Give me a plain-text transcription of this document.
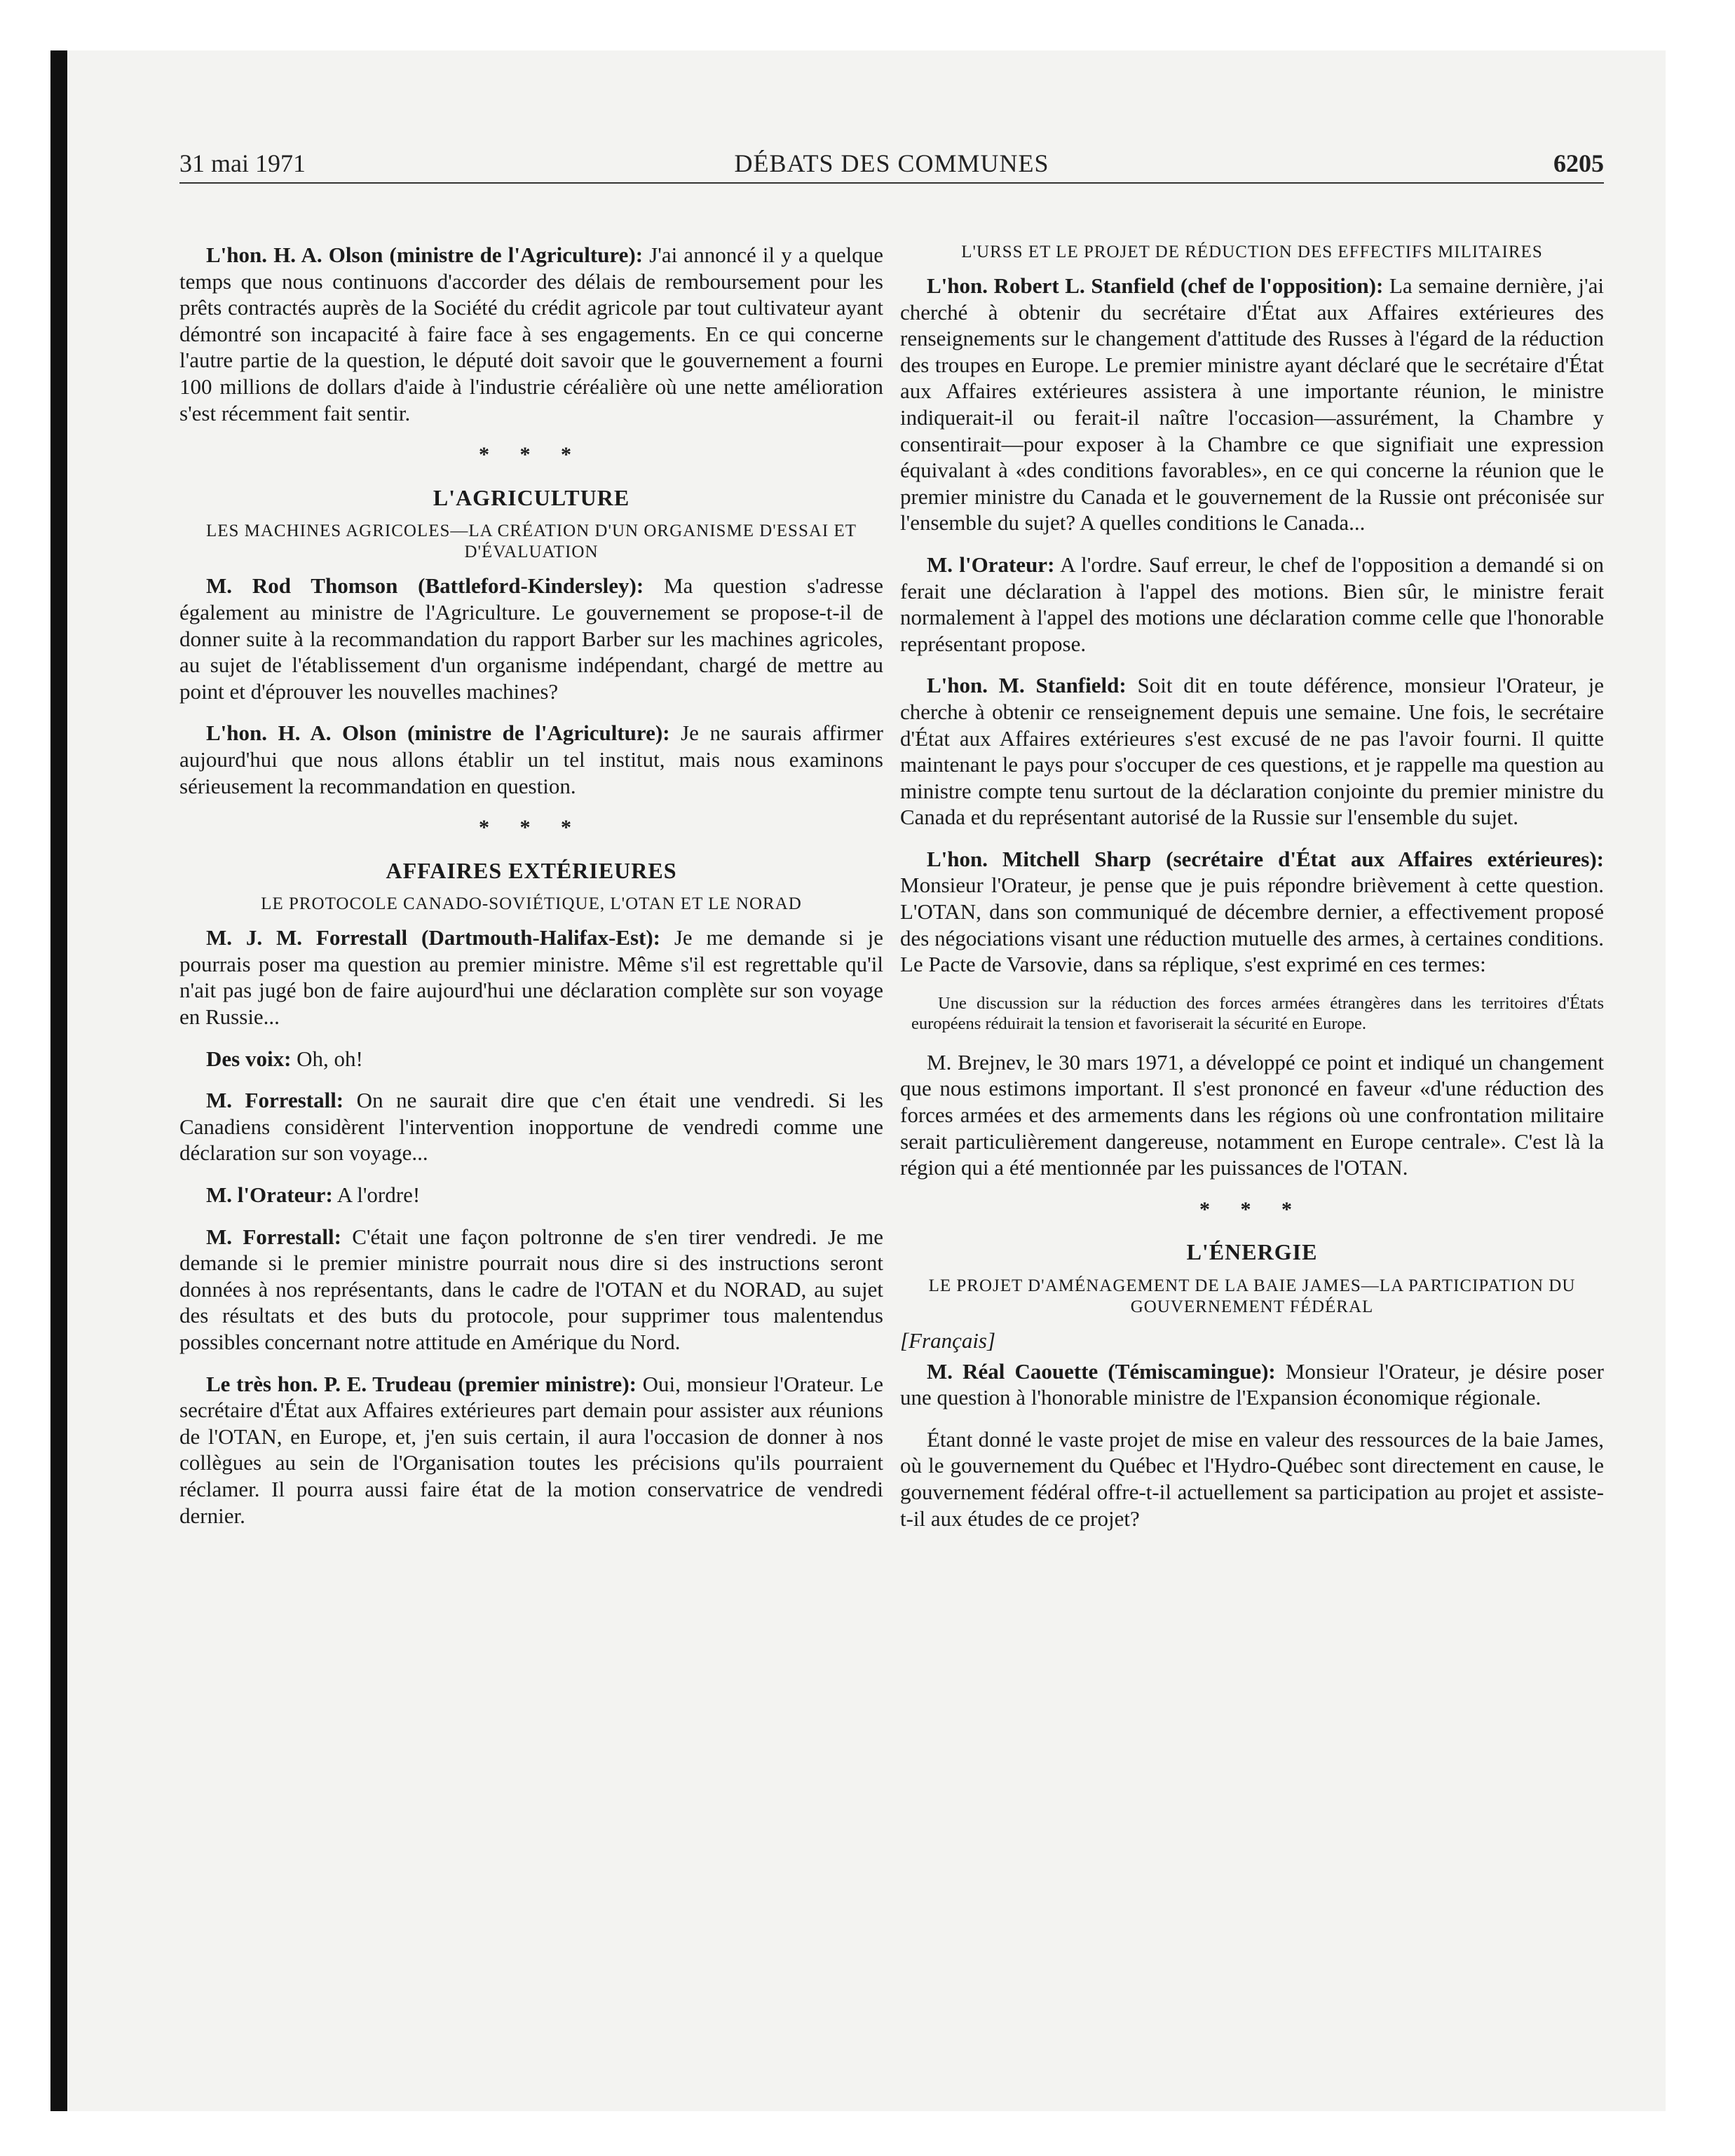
31 mai 1971	DÉBATS DES COMMUNES	6205

L'hon. H. A. Olson (ministre de l'Agriculture): J'ai annoncé il y a quelque temps que nous continuons d'accorder des délais de remboursement pour les prêts contractés auprès de la Société du crédit agricole par tout cultivateur ayant démontré son incapacité à faire face à ses engagements. En ce qui concerne l'autre partie de la question, le député doit savoir que le gouvernement a fourni 100 millions de dollars d'aide à l'industrie céréalière où une nette amélioration s'est récemment fait sentir.

* * *
L'AGRICULTURE
LES MACHINES AGRICOLES—LA CRÉATION D'UN ORGANISME D'ESSAI ET D'ÉVALUATION

M. Rod Thomson (Battleford-Kindersley): Ma question s'adresse également au ministre de l'Agriculture. Le gouvernement se propose-t-il de donner suite à la recommandation du rapport Barber sur les machines agricoles, au sujet de l'établissement d'un organisme indépendant, chargé de mettre au point et d'éprouver les nouvelles machines?

L'hon. H. A. Olson (ministre de l'Agriculture): Je ne saurais affirmer aujourd'hui que nous allons établir un tel institut, mais nous examinons sérieusement la recommandation en question.

* * *
AFFAIRES EXTÉRIEURES
LE PROTOCOLE CANADO-SOVIÉTIQUE, L'OTAN ET LE NORAD

M. J. M. Forrestall (Dartmouth-Halifax-Est): Je me demande si je pourrais poser ma question au premier ministre. Même s'il est regrettable qu'il n'ait pas jugé bon de faire aujourd'hui une déclaration complète sur son voyage en Russie...

Des voix: Oh, oh!

M. Forrestall: On ne saurait dire que c'en était une vendredi. Si les Canadiens considèrent l'intervention inopportune de vendredi comme une déclaration sur son voyage...

M. l'Orateur: A l'ordre!

M. Forrestall: C'était une façon poltronne de s'en tirer vendredi. Je me demande si le premier ministre pourrait nous dire si des instructions seront données à nos représentants, dans le cadre de l'OTAN et du NORAD, au sujet des résultats et des buts du protocole, pour supprimer tous malentendus possibles concernant notre attitude en Amérique du Nord.

Le très hon. P. E. Trudeau (premier ministre): Oui, monsieur l'Orateur. Le secrétaire d'État aux Affaires extérieures part demain pour assister aux réunions de l'OTAN, en Europe, et, j'en suis certain, il aura l'occasion de donner à nos collègues au sein de l'Organisation toutes les précisions qu'ils pourraient réclamer. Il pourra aussi faire état de la motion conservatrice de vendredi dernier.

L'URSS ET LE PROJET DE RÉDUCTION DES EFFECTIFS MILITAIRES

L'hon. Robert L. Stanfield (chef de l'opposition): La semaine dernière, j'ai cherché à obtenir du secrétaire d'État aux Affaires extérieures des renseignements sur le changement d'attitude des Russes à l'égard de la réduction des troupes en Europe. Le premier ministre ayant déclaré que le secrétaire d'État aux Affaires extérieures assistera à une importante réunion, le ministre indiquerait-il ou ferait-il naître l'occasion—assurément, la Chambre y consentirait—pour exposer à la Chambre ce que signifiait une expression équivalant à «des conditions favorables», en ce qui concerne la réunion que le premier ministre du Canada et le gouvernement de la Russie ont préconisée sur l'ensemble du sujet? A quelles conditions le Canada...

M. l'Orateur: A l'ordre. Sauf erreur, le chef de l'opposition a demandé si on ferait une déclaration à l'appel des motions. Bien sûr, le ministre ferait normalement à l'appel des motions une déclaration comme celle que l'honorable représentant propose.

L'hon. M. Stanfield: Soit dit en toute déférence, monsieur l'Orateur, je cherche à obtenir ce renseignement depuis une semaine. Une fois, le secrétaire d'État aux Affaires extérieures s'est excusé de ne pas l'avoir fourni. Il quitte maintenant le pays pour s'occuper de ces questions, et je rappelle ma question au ministre compte tenu surtout de la déclaration conjointe du premier ministre du Canada et du représentant autorisé de la Russie sur l'ensemble du sujet.

L'hon. Mitchell Sharp (secrétaire d'État aux Affaires extérieures): Monsieur l'Orateur, je pense que je puis répondre brièvement à cette question. L'OTAN, dans son communiqué de décembre dernier, a effectivement proposé des négociations visant une réduction mutuelle des armes, à certaines conditions. Le Pacte de Varsovie, dans sa réplique, s'est exprimé en ces termes:

Une discussion sur la réduction des forces armées étrangères dans les territoires d'États européens réduirait la tension et favoriserait la sécurité en Europe.

M. Brejnev, le 30 mars 1971, a développé ce point et indiqué un changement que nous estimons important. Il s'est prononcé en faveur «d'une réduction des forces armées et des armements dans les régions où une confrontation militaire serait particulièrement dangereuse, notamment en Europe centrale». C'est là la région qui a été mentionnée par les puissances de l'OTAN.

* * *
L'ÉNERGIE
LE PROJET D'AMÉNAGEMENT DE LA BAIE JAMES—LA PARTICIPATION DU GOUVERNEMENT FÉDÉRAL
[Français]

M. Réal Caouette (Témiscamingue): Monsieur l'Orateur, je désire poser une question à l'honorable ministre de l'Expansion économique régionale.

Étant donné le vaste projet de mise en valeur des ressources de la baie James, où le gouvernement du Québec et l'Hydro-Québec sont directement en cause, le gouvernement fédéral offre-t-il actuellement sa participation au projet et assiste-t-il aux études de ce projet?
